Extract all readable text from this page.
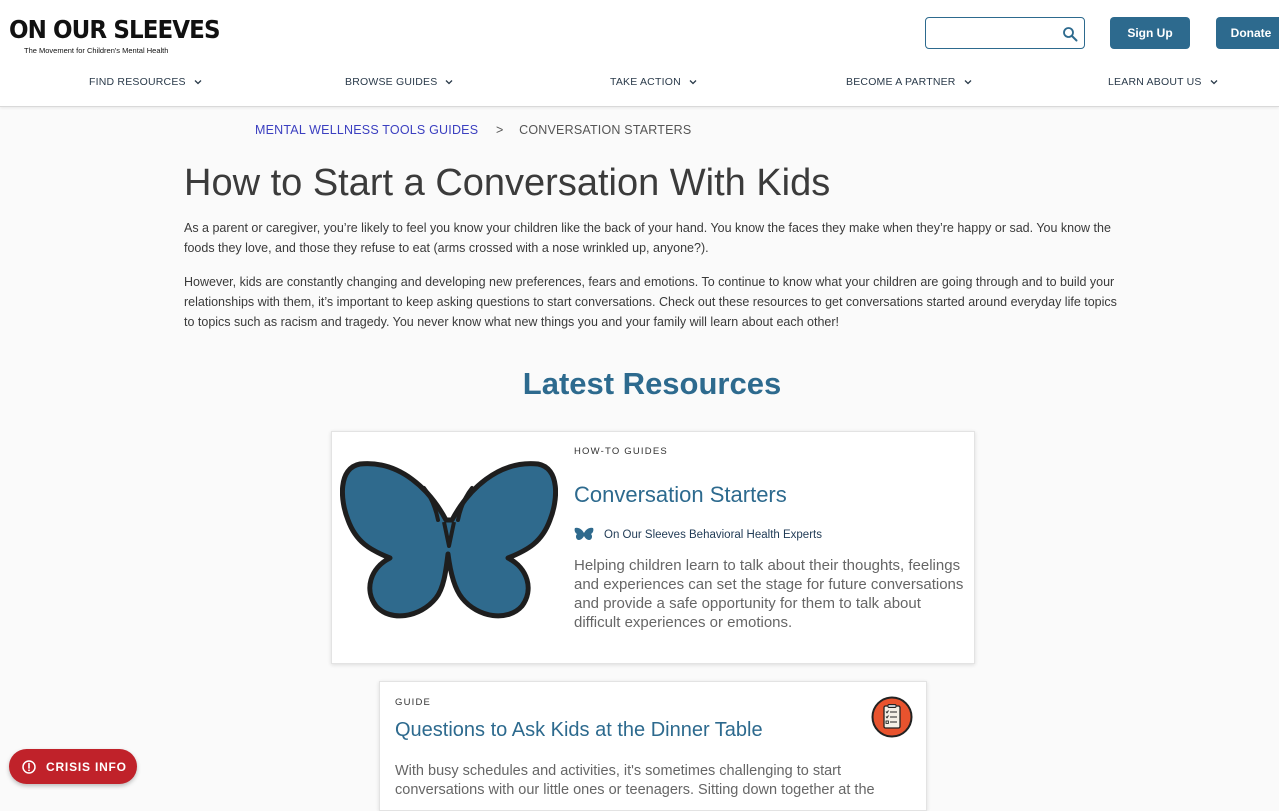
ON OUR SLEEVES
The Movement for Children's Mental Health
Sign Up	Donate
FIND RESOURCES	BROWSE GUIDES	TAKE ACTION	BECOME A PARTNER	LEARN ABOUT US
MENTAL WELLNESS TOOLS GUIDES > CONVERSATION STARTERS
How to Start a Conversation With Kids

As a parent or caregiver, you’re likely to feel you know your children like the back of your hand. You know the faces they make when they’re happy or sad. You know the foods they love, and those they refuse to eat (arms crossed with a nose wrinkled up, anyone?).

However, kids are constantly changing and developing new preferences, fears and emotions. To continue to know what your children are going through and to build your relationships with them, it’s important to keep asking questions to start conversations. Check out these resources to get conversations started around everyday life topics to topics such as racism and tragedy. You never know what new things you and your family will learn about each other!

Latest Resources
HOW-TO GUIDES
Conversation Starters
On Our Sleeves Behavioral Health Experts

Helping children learn to talk about their thoughts, feelings and experiences can set the stage for future conversations and provide a safe opportunity for them to talk about difficult experiences or emotions.

GUIDE
Questions to Ask Kids at the Dinner Table

With busy schedules and activities, it's sometimes challenging to start conversations with our little ones or teenagers. Sitting down together at the

CRISIS INFO
